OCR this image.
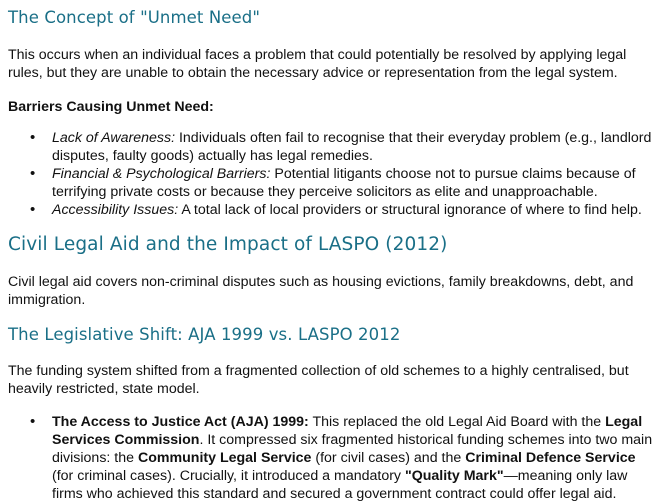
The Concept of "Unmet Need"

This occurs when an individual faces a problem that could potentially be resolved by applying legal rules, but they are unable to obtain the necessary advice or representation from the legal system.

Barriers Causing Unmet Need:

• Lack of Awareness: Individuals often fail to recognise that their everyday problem (e.g., landlord disputes, faulty goods) actually has legal remedies.
• Financial & Psychological Barriers: Potential litigants choose not to pursue claims because of terrifying private costs or because they perceive solicitors as elite and unapproachable.
• Accessibility Issues: A total lack of local providers or structural ignorance of where to find help.
Civil Legal Aid and the Impact of LASPO (2012)

Civil legal aid covers non-criminal disputes such as housing evictions, family breakdowns, debt, and immigration.

The Legislative Shift: AJA 1999 vs. LASPO 2012

The funding system shifted from a fragmented collection of old schemes to a highly centralised, but heavily restricted, state model.

• The Access to Justice Act (AJA) 1999: This replaced the old Legal Aid Board with the Legal Services Commission. It compressed six fragmented historical funding schemes into two main divisions: the Community Legal Service (for civil cases) and the Criminal Defence Service (for criminal cases). Crucially, it introduced a mandatory "Quality Mark"—meaning only law firms who achieved this standard and secured a government contract could offer legal aid.
